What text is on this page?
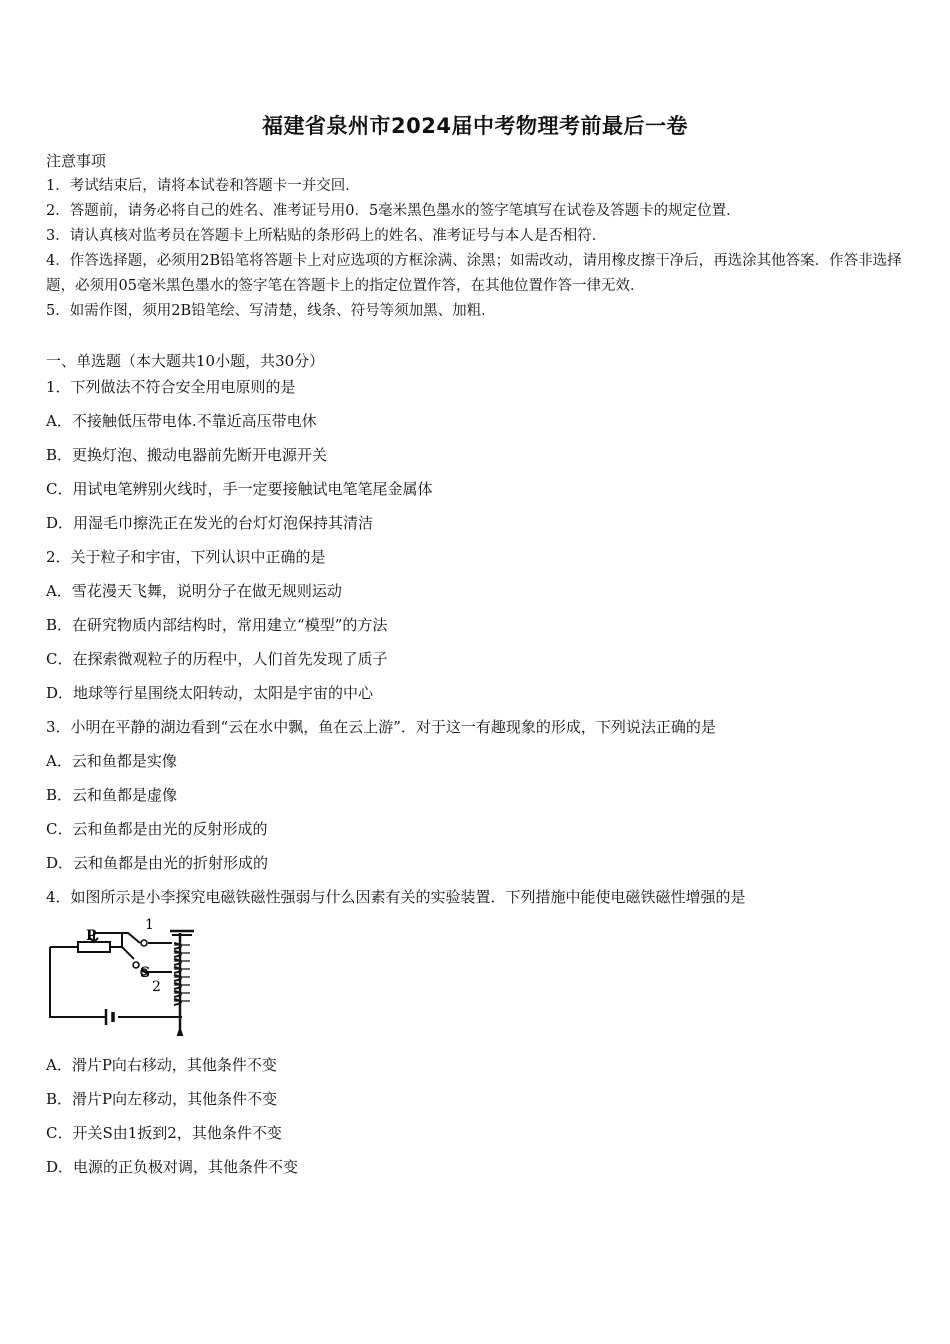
福建省泉州市2024届中考物理考前最后一卷
注意事项
1．考试结束后，请将本试卷和答题卡一并交回．
2．答题前，请务必将自己的姓名、准考证号用0．5毫米黑色墨水的签字笔填写在试卷及答题卡的规定位置．
3．请认真核对监考员在答题卡上所粘贴的条形码上的姓名、准考证号与本人是否相符．
4．作答选择题，必须用2B铅笔将答题卡上对应选项的方框涂满、涂黑；如需改动，请用橡皮擦干净后，再选涂其他答案．作答非选择题，必须用05毫米黑色墨水的签字笔在答题卡上的指定位置作答，在其他位置作答一律无效．
5．如需作图，须用2B铅笔绘、写清楚，线条、符号等须加黑、加粗．
一、单选题（本大题共10小题，共30分）
1．下列做法不符合安全用电原则的是
A．不接触低压带电体.不靠近高压带电休
B．更换灯泡、搬动电器前先断开电源开关
C．用试电笔辨别火线时，手一定要接触试电笔笔尾金属体
D．用湿毛巾擦洗正在发光的台灯灯泡保持其清洁
2．关于粒子和宇宙，下列认识中正确的是
A．雪花漫天飞舞，说明分子在做无规则运动
B．在研究物质内部结构时，常用建立“模型”的方法
C．在探索微观粒子的历程中，人们首先发现了质子
D．地球等行星围绕太阳转动，太阳是宇宙的中心
3．小明在平静的湖边看到“云在水中飘，鱼在云上游”．对于这一有趣现象的形成，下列说法正确的是
A．云和鱼都是实像
B．云和鱼都是虚像
C．云和鱼都是由光的反射形成的
D．云和鱼都是由光的折射形成的
4．如图所示是小李探究电磁铁磁性强弱与什么因素有关的实验装置．下列措施中能使电磁铁磁性增强的是
P
1
S
2
A．滑片P向右移动，其他条件不变
B．滑片P向左移动，其他条件不变
C．开关S由1扳到2，其他条件不变
D．电源的正负极对调，其他条件不变
